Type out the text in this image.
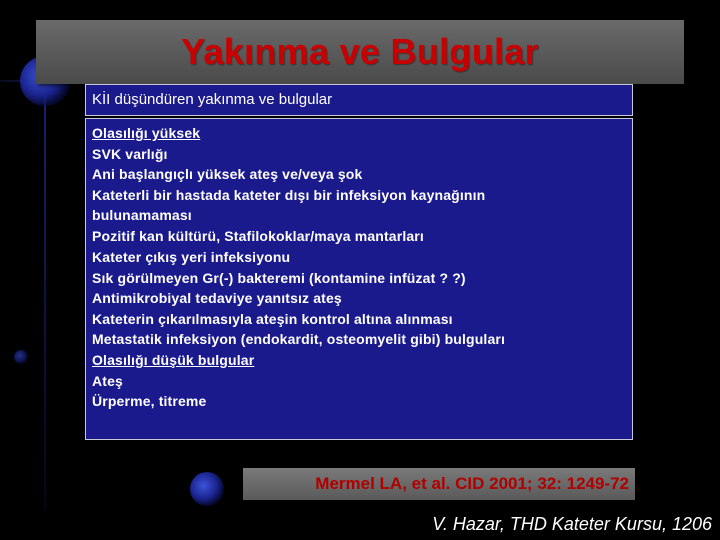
Yakınma ve Bulgular
KİI düşündüren yakınma ve bulgular
Olasılığı yüksek
SVK varlığı
Ani başlangıçlı yüksek ateş ve/veya şok
Kateterli bir hastada kateter dışı bir infeksiyon kaynağının
bulunamaması
Pozitif kan kültürü, Stafilokoklar/maya mantarları
Kateter çıkış yeri infeksiyonu
Sık görülmeyen Gr(-) bakteremi (kontamine infüzat ? ?)
Antimikrobiyal tedaviye yanıtsız ateş
Kateterin çıkarılmasıyla ateşin kontrol altına alınması
Metastatik infeksiyon (endokardit, osteomyelit gibi) bulguları
Olasılığı düşük bulgular
Ateş
Ürperme, titreme
Mermel LA, et al. CID 2001; 32: 1249-72
V. Hazar, THD Kateter Kursu, 1206
